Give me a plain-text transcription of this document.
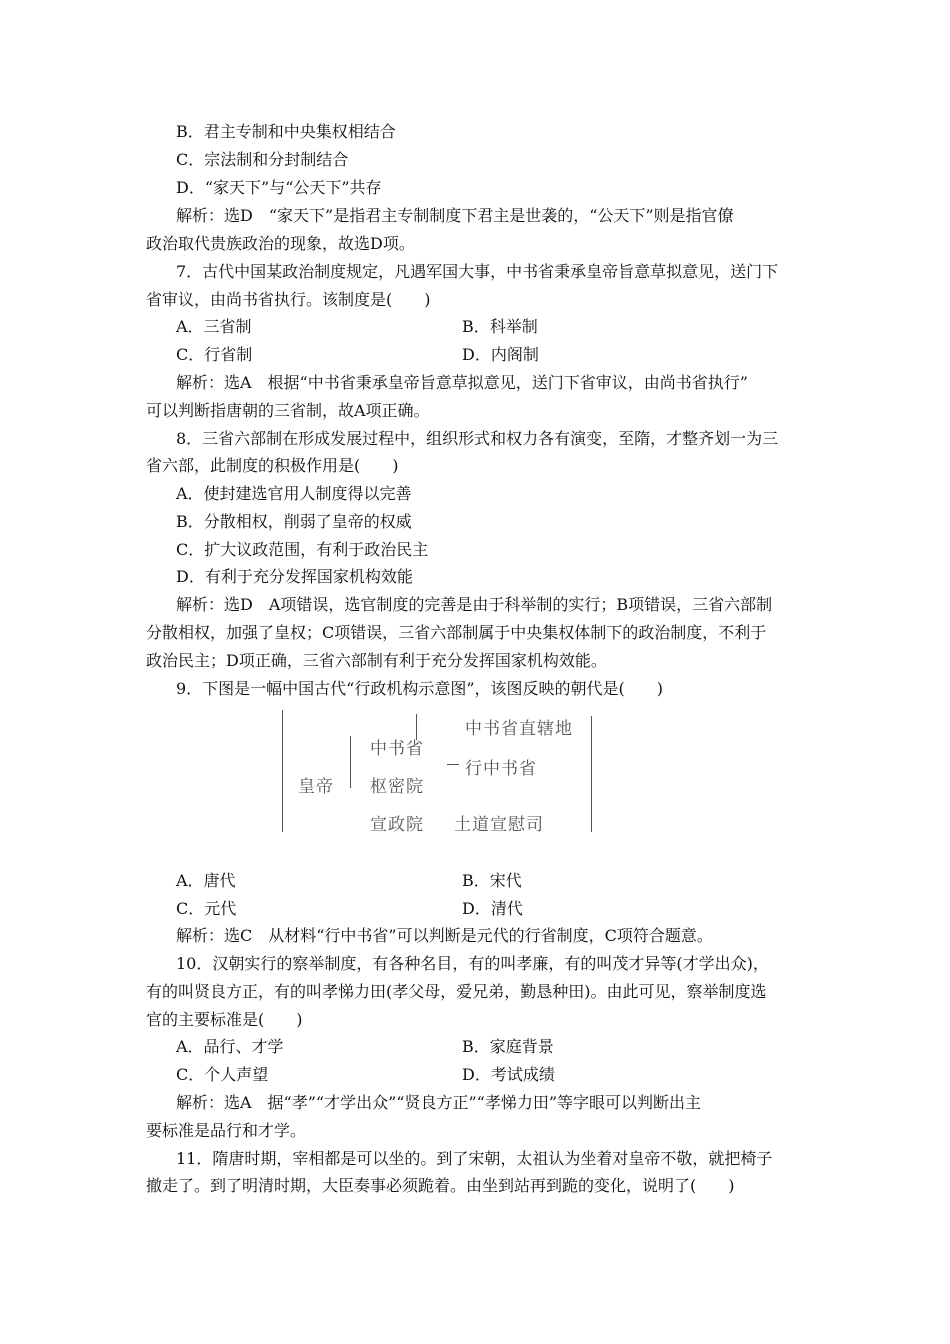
B．君主专制和中央集权相结合
C．宗法制和分封制结合
D．“家天下”与“公天下”共存
解析：选D　“家天下”是指君主专制制度下君主是世袭的，“公天下”则是指官僚
政治取代贵族政治的现象，故选D项。
7．古代中国某政治制度规定，凡遇军国大事，中书省秉承皇帝旨意草拟意见，送门下
省审议，由尚书省执行。该制度是(　　)
A．三省制	B．科举制
C．行省制	D．内阁制
解析：选A　根据“中书省秉承皇帝旨意草拟意见，送门下省审议，由尚书省执行”
可以判断指唐朝的三省制，故A项正确。
8．三省六部制在形成发展过程中，组织形式和权力各有演变，至隋，才整齐划一为三
省六部，此制度的积极作用是(　　)
A．使封建选官用人制度得以完善
B．分散相权，削弱了皇帝的权威
C．扩大议政范围，有利于政治民主
D．有利于充分发挥国家机构效能
解析：选D　A项错误，选官制度的完善是由于科举制的实行；B项错误，三省六部制
分散相权，加强了皇权；C项错误，三省六部制属于中央集权体制下的政治制度，不利于
政治民主；D项正确，三省六部制有利于充分发挥国家机构效能。
9．下图是一幅中国古代“行政机构示意图”，该图反映的朝代是(　　)
皇帝
中书省
枢密院
宣政院
中书省直辖地
行中书省
土道宣慰司
A．唐代	B．宋代
C．元代	D．清代
解析：选C　从材料“行中书省”可以判断是元代的行省制度，C项符合题意。
10．汉朝实行的察举制度，有各种名目，有的叫孝廉，有的叫茂才异等(才学出众)，
有的叫贤良方正，有的叫孝悌力田(孝父母，爱兄弟，勤恳种田)。由此可见，察举制度选
官的主要标准是(　　)
A．品行、才学	B．家庭背景
C．个人声望	D．考试成绩
解析：选A　据“孝”“才学出众”“贤良方正”“孝悌力田”等字眼可以判断出主
要标准是品行和才学。
11．隋唐时期，宰相都是可以坐的。到了宋朝，太祖认为坐着对皇帝不敬，就把椅子
撤走了。到了明清时期，大臣奏事必须跪着。由坐到站再到跪的变化，说明了(　　)
